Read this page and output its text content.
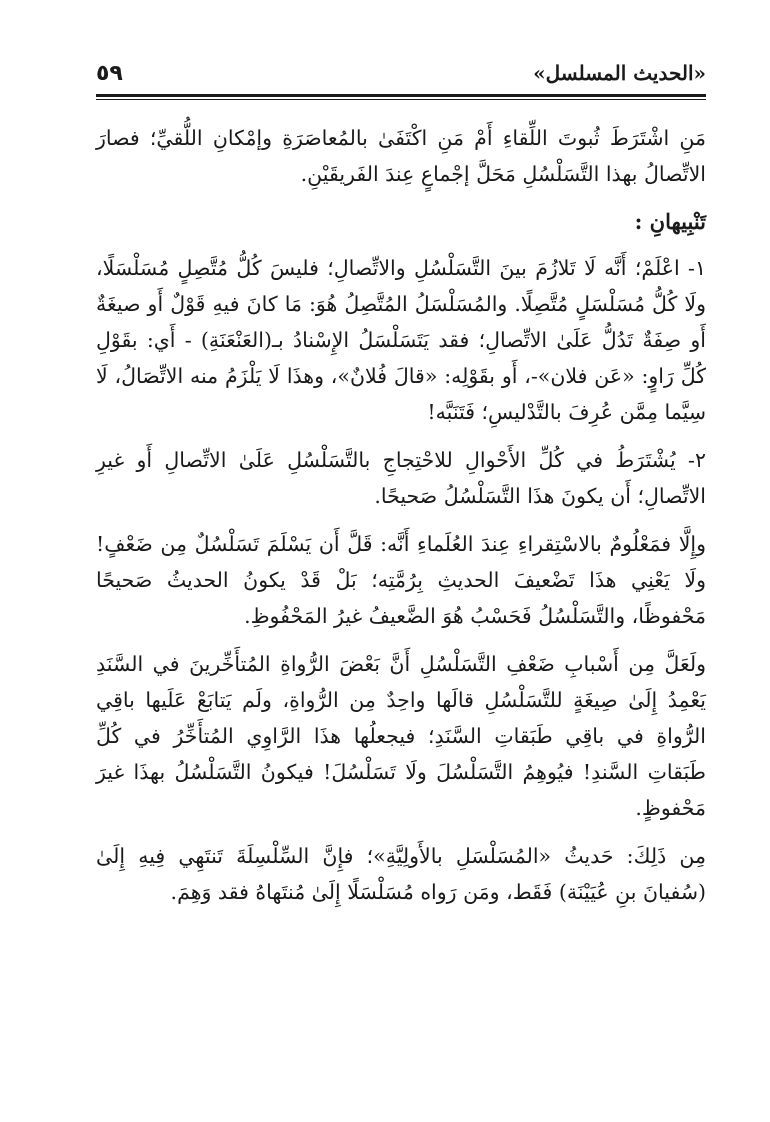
٥٩	«الحديث المسلسل»

مَنِ اشْتَرَطَ ثُبوتَ اللِّقاءِ أَمْ مَنِ اكْتَفَىٰ بالمُعاصَرَةِ وإمْكانِ اللُّقيِّ؛ فصارَ الاتِّصالُ بهذا التَّسَلْسُلِ مَحَلَّ إجْماعٍ عِندَ الفَريقَيْنِ.

تَنْبِيهانِ :

١- اعْلَمْ؛ أَنَّه لَا تَلازُمَ بينَ التَّسَلْسُلِ والاتِّصالِ؛ فليسَ كُلُّ مُتَّصِلٍ مُسَلْسَلًا، ولَا كُلُّ مُسَلْسَلٍ مُتَّصِلًا. والمُسَلْسَلُ المُتَّصِلُ هُوَ: مَا كانَ فيهِ قَوْلٌ أَو صيغَةٌ أَو صِفَةٌ تَدُلُّ عَلَىٰ الاتِّصالِ؛ فقد يَتَسَلْسَلُ الإِسْنادُ بـ(العَنْعَنَةِ) - أَي: بقَوْلِ كُلِّ رَاوٍ: «عَن فلان»-، أَو بقَوْلِه: «قالَ فُلانٌ»، وهذَا لَا يَلْزَمُ منه الاتِّصَالُ، لَا سِيَّما مِمَّن عُرِفَ بالتَّدْليسِ؛ فَتَنَبَّه!

٢- يُشْتَرَطُ في كُلِّ الأَحْوالِ للاحْتِجاجِ بالتَّسَلْسُلِ عَلَىٰ الاتِّصالِ أَو غيرِ الاتِّصالِ؛ أَن يكونَ هذَا التَّسَلْسُلُ صَحيحًا.

وإِلَّا فمَعْلُومٌ بالاسْتِقراءِ عِندَ العُلَماءِ أَنَّه: قَلَّ أَن يَسْلَمَ تَسَلْسُلٌ مِن ضَعْفٍ! ولَا يَعْنِي هذَا تَضْعيفَ الحديثِ بِرُمَّتِه؛ بَلْ قَدْ يكونُ الحديثُ صَحيحًا مَحْفوظًا، والتَّسَلْسُلُ فَحَسْبُ هُوَ الضَّعيفُ غيرُ المَحْفُوظِ.

ولَعَلَّ مِن أَسْبابِ ضَعْفِ التَّسَلْسُلِ أَنَّ بَعْضَ الرُّواةِ المُتأَخِّرينَ في السَّنَدِ يَعْمِدُ إِلَىٰ صِيغَةٍ للتَّسَلْسُلِ قالَها واحِدٌ مِن الرُّواةِ، ولَم يَتابَعْ عَلَيها باقِي الرُّواةِ في باقِي طَبَقاتِ السَّنَدِ؛ فيجعلُها هذَا الرَّاوِي المُتأَخِّرُ في كُلِّ طَبَقاتِ السَّندِ! فيُوهِمُ التَّسَلْسُلَ ولَا تَسَلْسُلَ! فيكونُ التَّسَلْسُلُ بهذَا غيرَ مَحْفوظٍ.

مِن ذَلِكَ: حَديثُ «المُسَلْسَلِ بالأَولِيَّةِ»؛ فإِنَّ السِّلْسِلَةَ تَنتَهِي فِيهِ إِلَىٰ (سُفيانَ بنِ عُيَيْنَة) فَقَط، ومَن رَواه مُسَلْسَلًا إِلَىٰ مُنتَهاهُ فقد وَهِمَ.
